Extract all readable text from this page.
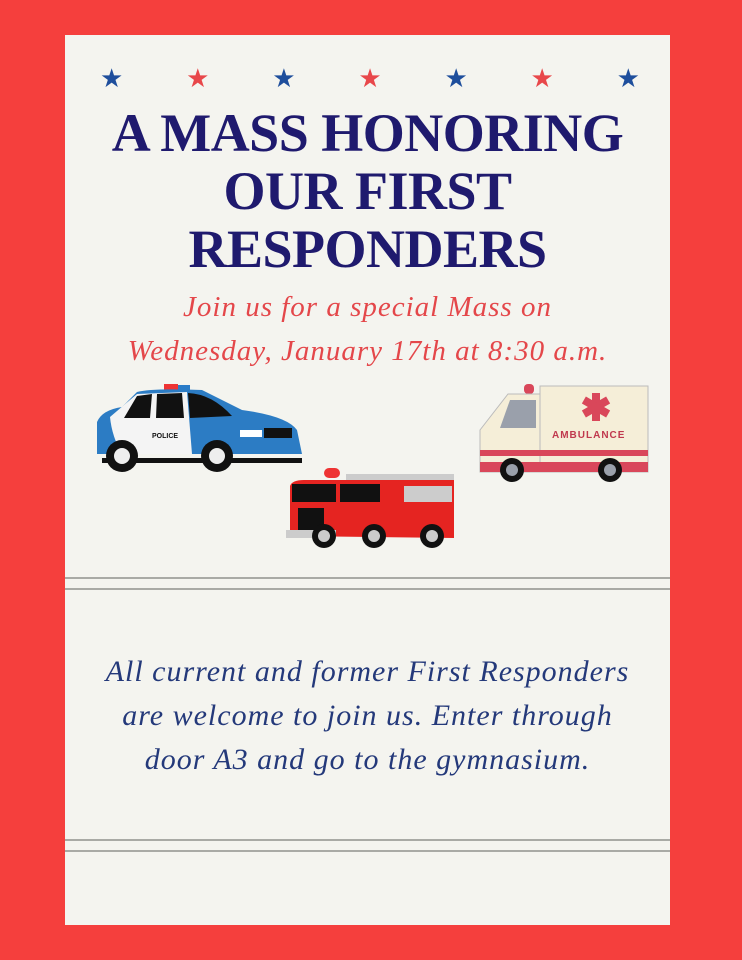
★ ★ ★ ★ ★ ★ ★
A MASS HONORING
OUR FIRST
RESPONDERS
Join us for a special Mass on
Wednesday, January 17th at 8:30 a.m.
POLICE	AMBULANCE
All current and former First Responders
are welcome to join us. Enter through
door A3 and go to the gymnasium.
